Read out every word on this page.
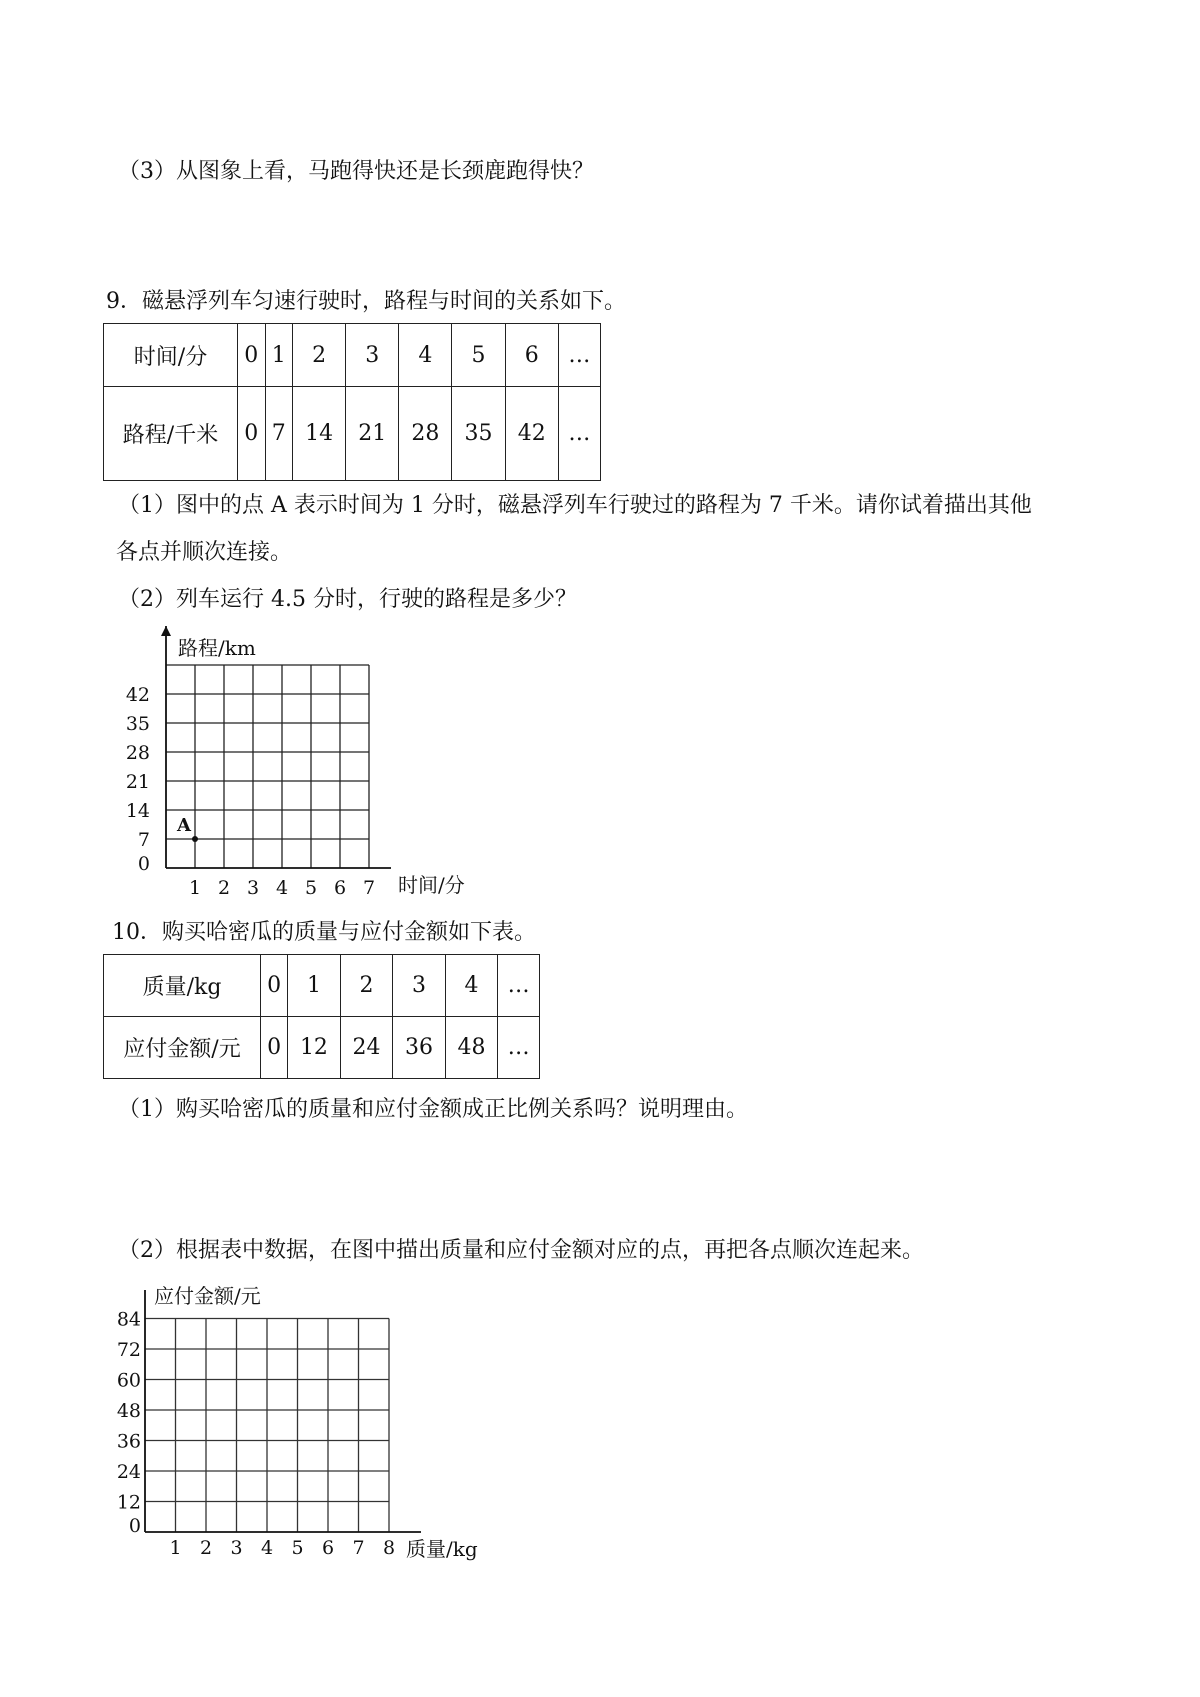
（3）从图象上看，马跑得快还是长颈鹿跑得快？
9．磁悬浮列车匀速行驶时，路程与时间的关系如下。
时间/分	0	1	2	3	4	5	6	…
路程/千米	0	7	14	21	28	35	42	…
（1）图中的点 A 表示时间为 1 分时，磁悬浮列车行驶过的路程为 7 千米。请你试着描出其他
各点并顺次连接。
（2）列车运行 4.5 分时，行驶的路程是多少？
1 2 3 4 5 6 7
0
7
14
21
28
35
42
路程/km
时间/分
A
1 2 3 4 5 6 7 8
0
12
24
36
48
60
72
84
应付金额/元
质量/kg
10．购买哈密瓜的质量与应付金额如下表。
质量/kg	0	1	2	3	4	…
应付金额/元	0	12	24	36	48	…
（1）购买哈密瓜的质量和应付金额成正比例关系吗？说明理由。
（2）根据表中数据，在图中描出质量和应付金额对应的点，再把各点顺次连起来。
